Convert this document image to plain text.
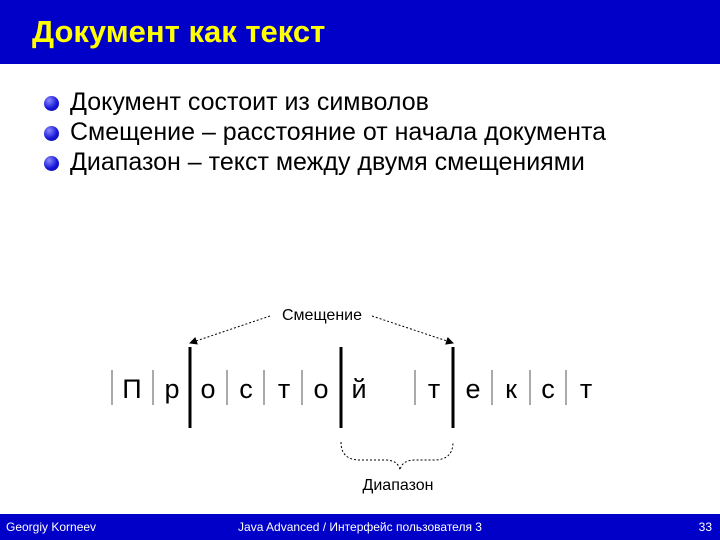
Документ как текст
Документ состоит из символов
Смещение – расстояние от начала документа
Диапазон – текст между двумя смещениями
Смещение
П р о с т о й т е к с т
Диапазон
Georgiy Korneev	Java Advanced / Интерфейс пользователя 3	33
